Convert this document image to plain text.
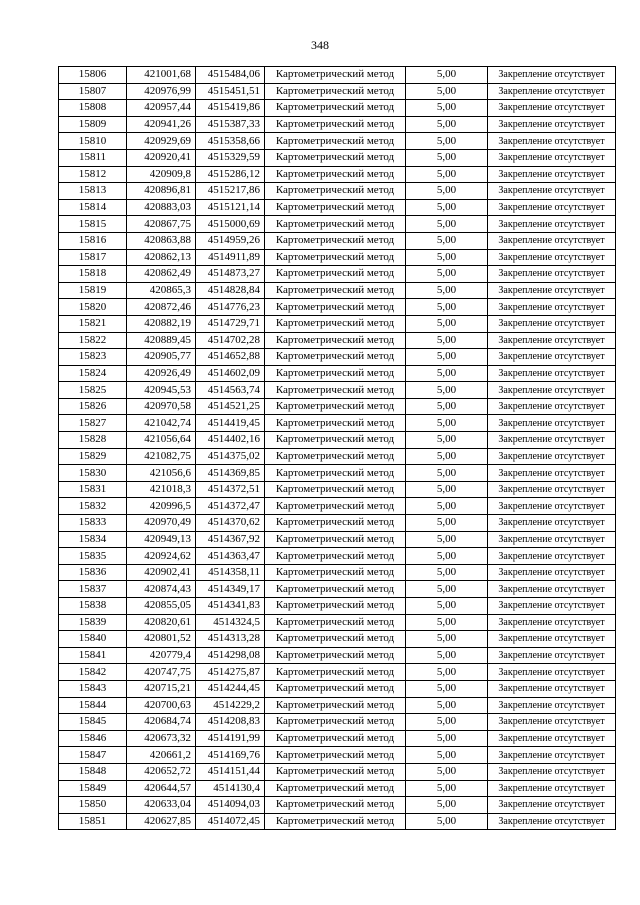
348
15806	421001,68	4515484,06	Картометрический метод	5,00	Закрепление отсутствует
15807	420976,99	4515451,51	Картометрический метод	5,00	Закрепление отсутствует
15808	420957,44	4515419,86	Картометрический метод	5,00	Закрепление отсутствует
15809	420941,26	4515387,33	Картометрический метод	5,00	Закрепление отсутствует
15810	420929,69	4515358,66	Картометрический метод	5,00	Закрепление отсутствует
15811	420920,41	4515329,59	Картометрический метод	5,00	Закрепление отсутствует
15812	420909,8	4515286,12	Картометрический метод	5,00	Закрепление отсутствует
15813	420896,81	4515217,86	Картометрический метод	5,00	Закрепление отсутствует
15814	420883,03	4515121,14	Картометрический метод	5,00	Закрепление отсутствует
15815	420867,75	4515000,69	Картометрический метод	5,00	Закрепление отсутствует
15816	420863,88	4514959,26	Картометрический метод	5,00	Закрепление отсутствует
15817	420862,13	4514911,89	Картометрический метод	5,00	Закрепление отсутствует
15818	420862,49	4514873,27	Картометрический метод	5,00	Закрепление отсутствует
15819	420865,3	4514828,84	Картометрический метод	5,00	Закрепление отсутствует
15820	420872,46	4514776,23	Картометрический метод	5,00	Закрепление отсутствует
15821	420882,19	4514729,71	Картометрический метод	5,00	Закрепление отсутствует
15822	420889,45	4514702,28	Картометрический метод	5,00	Закрепление отсутствует
15823	420905,77	4514652,88	Картометрический метод	5,00	Закрепление отсутствует
15824	420926,49	4514602,09	Картометрический метод	5,00	Закрепление отсутствует
15825	420945,53	4514563,74	Картометрический метод	5,00	Закрепление отсутствует
15826	420970,58	4514521,25	Картометрический метод	5,00	Закрепление отсутствует
15827	421042,74	4514419,45	Картометрический метод	5,00	Закрепление отсутствует
15828	421056,64	4514402,16	Картометрический метод	5,00	Закрепление отсутствует
15829	421082,75	4514375,02	Картометрический метод	5,00	Закрепление отсутствует
15830	421056,6	4514369,85	Картометрический метод	5,00	Закрепление отсутствует
15831	421018,3	4514372,51	Картометрический метод	5,00	Закрепление отсутствует
15832	420996,5	4514372,47	Картометрический метод	5,00	Закрепление отсутствует
15833	420970,49	4514370,62	Картометрический метод	5,00	Закрепление отсутствует
15834	420949,13	4514367,92	Картометрический метод	5,00	Закрепление отсутствует
15835	420924,62	4514363,47	Картометрический метод	5,00	Закрепление отсутствует
15836	420902,41	4514358,11	Картометрический метод	5,00	Закрепление отсутствует
15837	420874,43	4514349,17	Картометрический метод	5,00	Закрепление отсутствует
15838	420855,05	4514341,83	Картометрический метод	5,00	Закрепление отсутствует
15839	420820,61	4514324,5	Картометрический метод	5,00	Закрепление отсутствует
15840	420801,52	4514313,28	Картометрический метод	5,00	Закрепление отсутствует
15841	420779,4	4514298,08	Картометрический метод	5,00	Закрепление отсутствует
15842	420747,75	4514275,87	Картометрический метод	5,00	Закрепление отсутствует
15843	420715,21	4514244,45	Картометрический метод	5,00	Закрепление отсутствует
15844	420700,63	4514229,2	Картометрический метод	5,00	Закрепление отсутствует
15845	420684,74	4514208,83	Картометрический метод	5,00	Закрепление отсутствует
15846	420673,32	4514191,99	Картометрический метод	5,00	Закрепление отсутствует
15847	420661,2	4514169,76	Картометрический метод	5,00	Закрепление отсутствует
15848	420652,72	4514151,44	Картометрический метод	5,00	Закрепление отсутствует
15849	420644,57	4514130,4	Картометрический метод	5,00	Закрепление отсутствует
15850	420633,04	4514094,03	Картометрический метод	5,00	Закрепление отсутствует
15851	420627,85	4514072,45	Картометрический метод	5,00	Закрепление отсутствует
